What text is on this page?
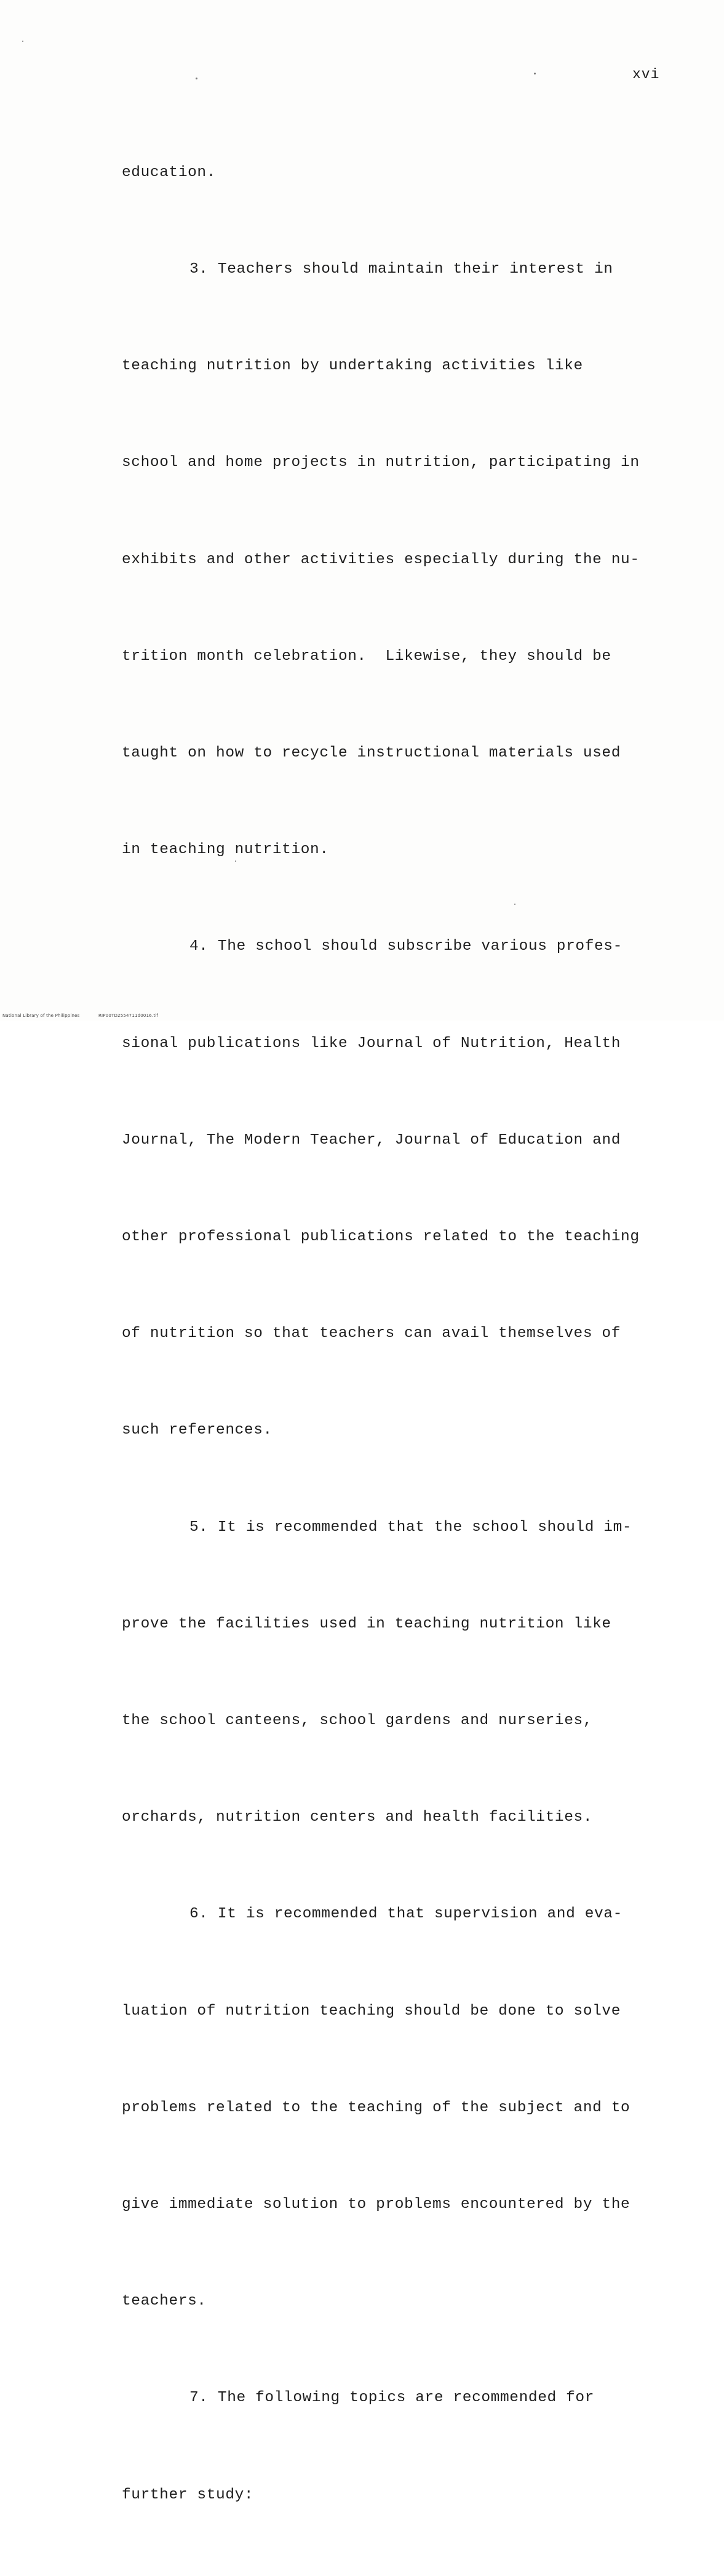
xvi

education.

3. Teachers should maintain their interest in

teaching nutrition by undertaking activities like

school and home projects in nutrition, participating in

exhibits and other activities especially during the nu-

trition month celebration.  Likewise, they should be

taught on how to recycle instructional materials used

in teaching nutrition.

4. The school should subscribe various profes-

sional publications like Journal of Nutrition, Health

Journal, The Modern Teacher, Journal of Education and

other professional publications related to the teaching

of nutrition so that teachers can avail themselves of

such references.

5. It is recommended that the school should im-

prove the facilities used in teaching nutrition like

the school canteens, school gardens and nurseries,

orchards, nutrition centers and health facilities.

6. It is recommended that supervision and eva-

luation of nutrition teaching should be done to solve

problems related to the teaching of the subject and to

give immediate solution to problems encountered by the

teachers.

7. The following topics are recommended for

further study:

National Library of the Philippines	RIP00TD2554711d0016.tif
